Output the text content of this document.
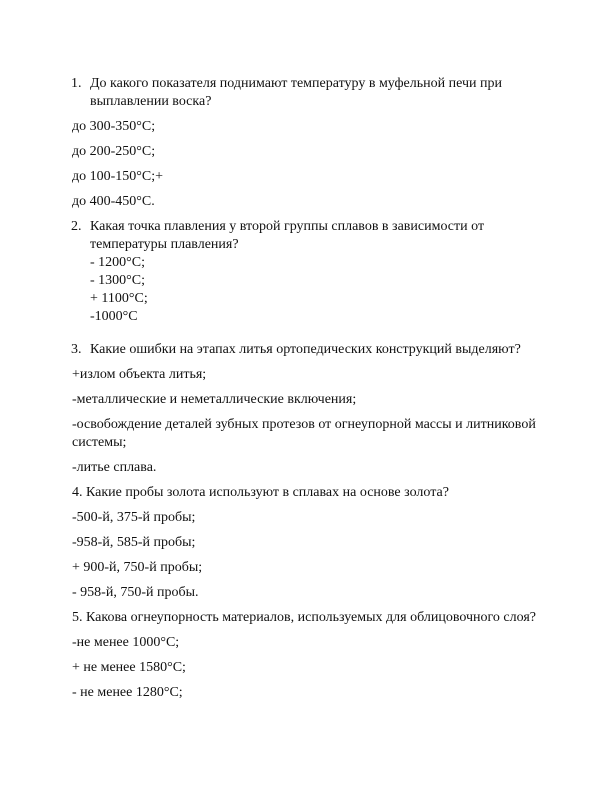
1. До какого показателя поднимают температуру в муфельной печи при
выплавлении воска?
до 300-350°С;
до 200-250°С;
до 100-150°С;+
до 400-450°С.
2. Какая точка плавления у второй группы сплавов в зависимости от
температуры плавления?
- 1200°С;
- 1300°С;
+ 1100°С;
-1000°С
3. Какие ошибки на этапах литья ортопедических конструкций выделяют?
+излом объекта литья;
-металлические и неметаллические включения;
-освобождение деталей зубных протезов от огнеупорной массы и литниковой
системы;
-литье сплава.
4. Какие пробы золота используют в сплавах на основе золота?
-500-й, 375-й пробы;
-958-й, 585-й пробы;
+ 900-й, 750-й пробы;
- 958-й, 750-й пробы.
5. Какова огнеупорность материалов, используемых для облицовочного слоя?
-не менее 1000°С;
+ не менее 1580°С;
- не менее 1280°С;
